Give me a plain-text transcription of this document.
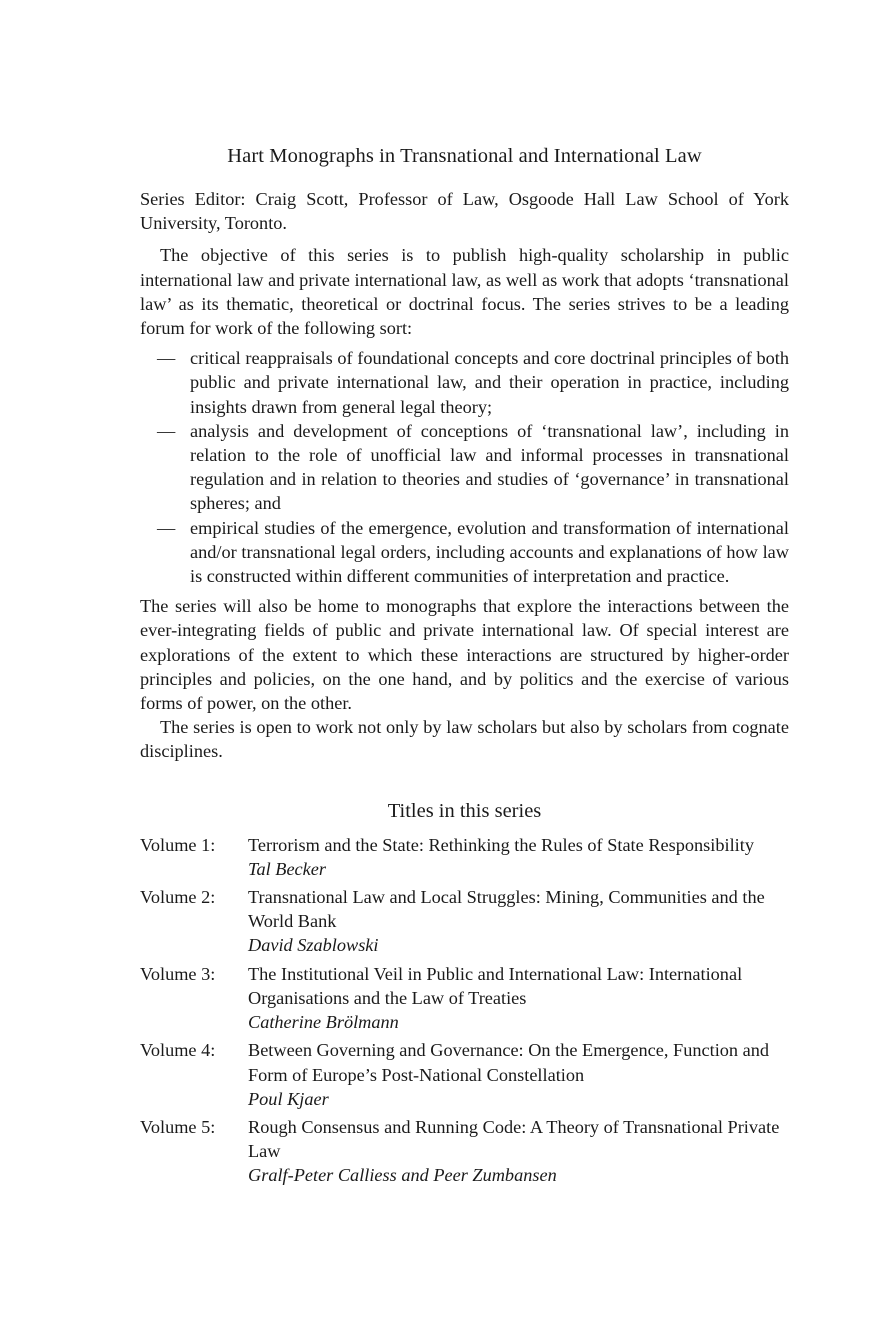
Hart Monographs in Transnational and International Law

Series Editor: Craig Scott, Professor of Law, Osgoode Hall Law School of York University, Toronto.

The objective of this series is to publish high-quality scholarship in public international law and private international law, as well as work that adopts ‘transnational law’ as its thematic, theoretical or doctrinal focus. The series strives to be a leading forum for work of the following sort:

— critical reappraisals of foundational concepts and core doctrinal principles of both public and private international law, and their operation in practice, including insights drawn from general legal theory;
— analysis and development of conceptions of ‘transnational law’, including in relation to the role of unofficial law and informal processes in transnational regulation and in relation to theories and studies of ‘governance’ in transnational spheres; and
— empirical studies of the emergence, evolution and transformation of international and/or transnational legal orders, including accounts and explanations of how law is constructed within different communities of interpretation and practice.

The series will also be home to monographs that explore the interactions between the ever-integrating fields of public and private international law. Of special interest are explorations of the extent to which these interactions are structured by higher-order principles and policies, on the one hand, and by politics and the exercise of various forms of power, on the other.

The series is open to work not only by law scholars but also by scholars from cognate disciplines.

Titles in this series
Volume 1: Terrorism and the State: Rethinking the Rules of State Responsibility
Tal Becker
Volume 2: Transnational Law and Local Struggles: Mining, Communities and the World Bank
David Szablowski
Volume 3: The Institutional Veil in Public and International Law: International Organisations and the Law of Treaties
Catherine Brölmann
Volume 4: Between Governing and Governance: On the Emergence, Function and Form of Europe’s Post-National Constellation
Poul Kjaer
Volume 5: Rough Consensus and Running Code: A Theory of Transnational Private Law
Gralf-Peter Calliess and Peer Zumbansen
